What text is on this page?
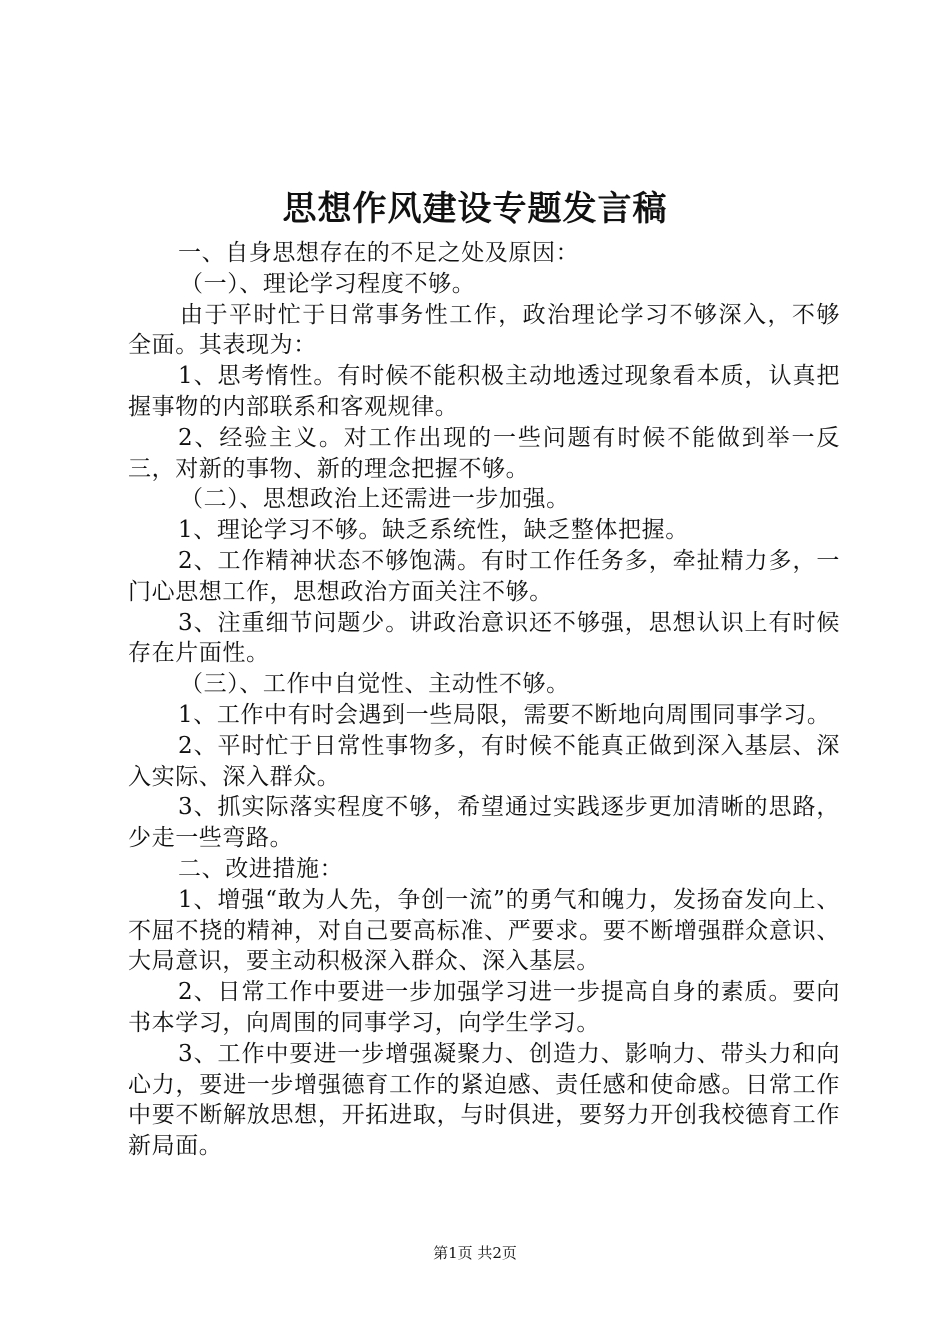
思想作风建设专题发言稿

一、自身思想存在的不足之处及原因：

（一）、理论学习程度不够。

由于平时忙于日常事务性工作，政治理论学习不够深入，不够全面。其表现为：

1、思考惰性。有时候不能积极主动地透过现象看本质，认真把握事物的内部联系和客观规律。

2、经验主义。对工作出现的一些问题有时候不能做到举一反三，对新的事物、新的理念把握不够。

（二）、思想政治上还需进一步加强。

1、理论学习不够。缺乏系统性，缺乏整体把握。

2、工作精神状态不够饱满。有时工作任务多，牵扯精力多，一门心思想工作，思想政治方面关注不够。

3、注重细节问题少。讲政治意识还不够强，思想认识上有时候存在片面性。

（三）、工作中自觉性、主动性不够。

1、工作中有时会遇到一些局限，需要不断地向周围同事学习。

2、平时忙于日常性事物多，有时候不能真正做到深入基层、深入实际、深入群众。

3、抓实际落实程度不够，希望通过实践逐步更加清晰的思路，少走一些弯路。

二、改进措施：

1、增强“敢为人先，争创一流”的勇气和魄力，发扬奋发向上、不屈不挠的精神，对自己要高标准、严要求。要不断增强群众意识、大局意识，要主动积极深入群众、深入基层。

2、日常工作中要进一步加强学习进一步提高自身的素质。要向书本学习，向周围的同事学习，向学生学习。

3、工作中要进一步增强凝聚力、创造力、影响力、带头力和向心力，要进一步增强德育工作的紧迫感、责任感和使命感。日常工作中要不断解放思想，开拓进取，与时俱进，要努力开创我校德育工作新局面。

第1页 共2页
